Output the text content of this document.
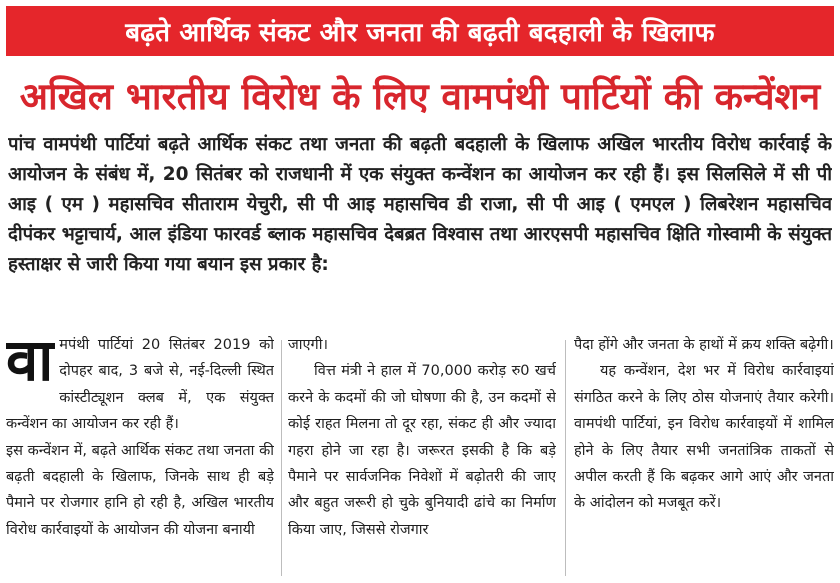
बढ़ते आर्थिक संकट और जनता की बढ़ती बदहाली के खिलाफ
अखिल भारतीय विरोध के लिए वामपंथी पार्टियों की कन्वेंशन
पांच वामपंथी पार्टियां बढ़ते आर्थिक संकट तथा जनता की बढ़ती बदहाली के खिलाफ अखिल भारतीय विरोध कार्रवाई के आयोजन के संबंध में, 20 सितंबर को राजधानी में एक संयुक्त कन्वेंशन का आयोजन कर रही हैं। इस सिलसिले में सी पी आइ ( एम ) महासचिव सीताराम येचुरी, सी पी आइ महासचिव डी राजा, सी पी आइ ( एमएल ) लिबरेशन महासचिव दीपंकर भट्टाचार्य, आल इंडिया फारवर्ड ब्लाक महासचिव देबब्रत विश्वास तथा आरएसपी महासचिव क्षिति गोस्वामी के संयुक्त हस्ताक्षर से जारी किया गया बयान इस प्रकार है:
वा मपंथी पार्टियां 20 सितंबर 2019 को दोपहर बाद, 3 बजे से, नई-दिल्ली स्थित कांस्टीट्यूशन क्लब में, एक संयुक्त कन्वेंशन का आयोजन कर रही हैं।

इस कन्वेंशन में, बढ़ते आर्थिक संकट तथा जनता की बढ़ती बदहाली के खिलाफ, जिनके साथ ही बड़े पैमाने पर रोजगार हानि हो रही है, अखिल भारतीय विरोध कार्रवाइयों के आयोजन की योजना बनायी

जाएगी।

वित्त मंत्री ने हाल में 70,000 करोड़ रु0 खर्च करने के कदमों की जो घोषणा की है, उन कदमों से कोई राहत मिलना तो दूर रहा, संकट ही और ज्यादा गहरा होने जा रहा है। जरूरत इसकी है कि बड़े पैमाने पर सार्वजनिक निवेशों में बढ़ोतरी की जाए और बहुत जरूरी हो चुके बुनियादी ढांचे का निर्माण किया जाए, जिससे रोजगार

पैदा होंगे और जनता के हाथों में क्रय शक्ति बढ़ेगी।

यह कन्वेंशन, देश भर में विरोध कार्रवाइयां संगठित करने के लिए ठोस योजनाएं तैयार करेगी। वामपंथी पार्टियां, इन विरोध कार्रवाइयों में शामिल होने के लिए तैयार सभी जनतांत्रिक ताकतों से अपील करती हैं कि बढ़कर आगे आएं और जनता के आंदोलन को मजबूत करें।
